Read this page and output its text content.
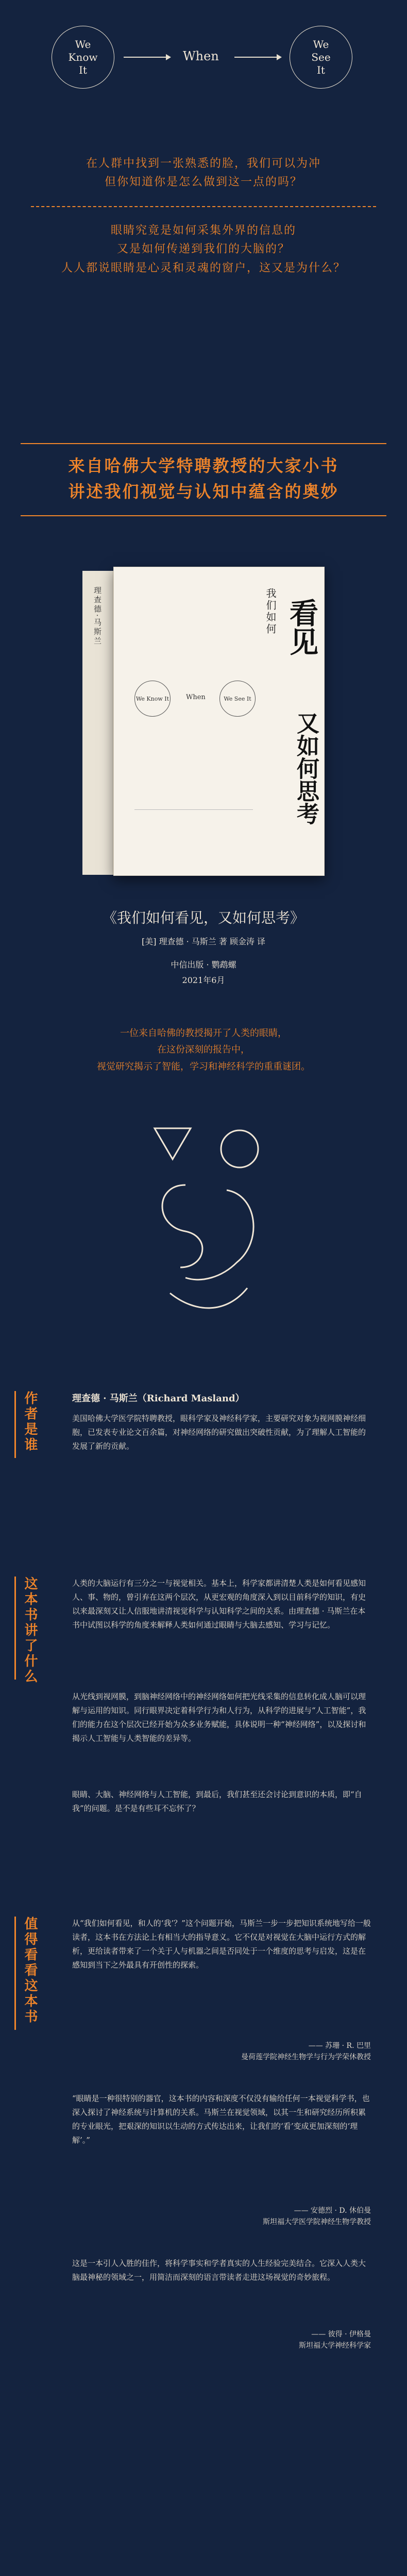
We
Know
It
When
We
See
It
在人群中找到一张熟悉的脸，我们可以为冲
但你知道你是怎么做到这一点的吗？
眼睛究竟是如何采集外界的信息的
又是如何传递到我们的大脑的？
人人都说眼睛是心灵和灵魂的窗户，这又是为什么？
来自哈佛大学特聘教授的大家小书
讲述我们视觉与认知中蕴含的奥妙
理查德·马斯兰	我们如何 看见
又如何思考
We Know It	When	We See It
《我们如何看见，又如何思考》
[美] 理查德 · 马斯兰 著 顾金涛 译
中信出版 · 鹦鹉螺
2021年6月
一位来自哈佛的教授揭开了人类的眼睛，
在这份深刻的报告中，
视觉研究揭示了智能，学习和神经科学的重重谜团。
作者是谁	理查德 · 马斯兰（Richard Masland）
美国哈佛大学医学院特聘教授，眼科学家及神经科学家，主要研究对象为视网膜神经细胞，已发表专业论文百余篇，对神经网络的研究做出突破性贡献，为了理解人工智能的发展了新的贡献。
这本书讲了什么	人类的大脑运行有三分之一与视觉相关。基本上，科学家都讲清楚人类是如何看见感知人、事、物的，曾引弃在这两个层次，从更宏观的角度深入到以目前科学的知识，有史以来最深刻又让人信服地讲清视觉科学与认知科学之间的关系。由理查德 · 马斯兰在本书中试图以科学的角度来解释人类如何通过眼睛与大脑去感知、学习与记忆。
从光线到视网膜，到脑神经网络中的神经网络如何把光线采集的信息转化成人脑可以理解与运用的知识。同行眼界决定着科学行为和人行为，从科学的进展与“人工智能”，我们的能力在这个层次已经开始为众多业务赋能，具体说明一种“神经网络”，以及探讨和揭示人工智能与人类智能的差异等。
眼睛、大脑、神经网络与人工智能，到最后，我们甚至还会讨论到意识的本质，即“自我”的问题。是不是有些耳不忘怀了？
值得看看这本书	从“我们如何看见，和人的‘我’？”这个问题开始，马斯兰一步一步把知识系统地写给一般读者，这本书在方法论上有相当大的指导意义。它不仅是对视觉在大脑中运行方式的解析，更给读者带来了一个关于人与机器之间是否同处于一个维度的思考与启发，这是在感知到当下之外最具有开创性的探索。
—— 苏珊 · R. 巴里
曼荷莲学院神经生物学与行为学荣休教授
“眼睛是一种很特别的器官，这本书的内容和深度不仅没有输给任何一本视觉科学书，也深入探讨了神经系统与计算机的关系。马斯兰在视觉领域，以其一生和研究经历所积累的专业眼光，把艰深的知识以生动的方式传达出来，让我们的‘看’变成更加深刻的‘理解’。”
—— 安德烈 · D. 休伯曼
斯坦福大学医学院神经生物学教授
这是一本引人入胜的佳作，将科学事实和学者真实的人生经验完美结合。它深入人类大脑最神秘的领域之一，用简洁而深刻的语言带读者走进这场视觉的奇妙旅程。
—— 彼得 · 伊格曼
斯坦福大学神经科学家
